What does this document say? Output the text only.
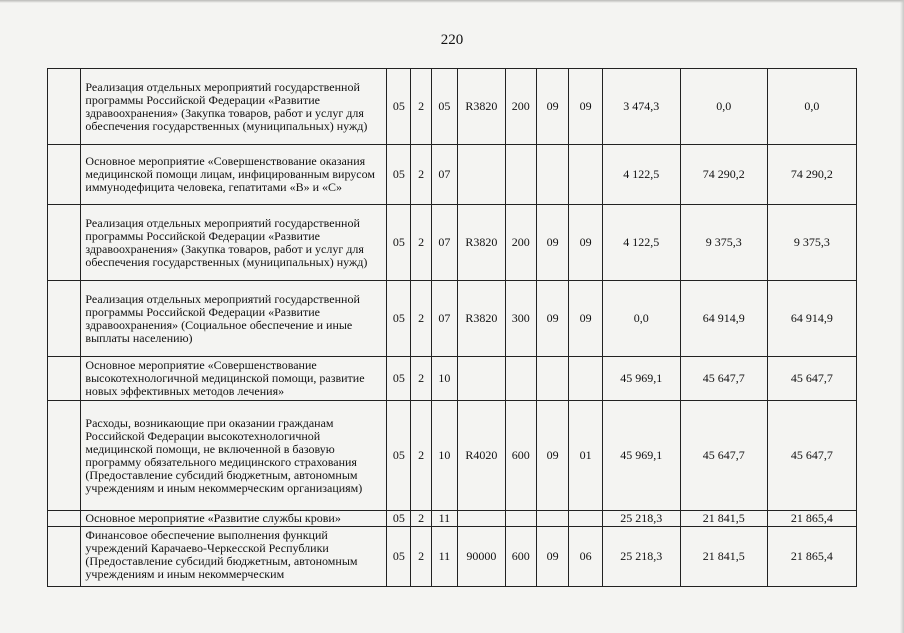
220
	Реализация отдельных мероприятий государственной программы Российской Федерации «Развитие здравоохранения» (Закупка товаров, работ и услуг для обеспечения государственных (муниципальных) нужд)	05	2	05	R3820	200	09	09	3 474,3	0,0	0,0
	Основное мероприятие «Совершенствование оказания медицинской помощи лицам, инфицированным вирусом иммунодефицита человека, гепатитами «В» и «С»	05	2	07					4 122,5	74 290,2	74 290,2
	Реализация отдельных мероприятий государственной программы Российской Федерации «Развитие здравоохранения» (Закупка товаров, работ и услуг для обеспечения государственных (муниципальных) нужд)	05	2	07	R3820	200	09	09	4 122,5	9 375,3	9 375,3
	Реализация отдельных мероприятий государственной программы Российской Федерации «Развитие здравоохранения» (Социальное обеспечение и иные выплаты населению)	05	2	07	R3820	300	09	09	0,0	64 914,9	64 914,9
	Основное мероприятие «Совершенствование высокотехнологичной медицинской помощи, развитие новых эффективных методов лечения»	05	2	10					45 969,1	45 647,7	45 647,7
	Расходы, возникающие при оказании гражданам Российской Федерации высокотехнологичной медицинской помощи, не включенной в базовую программу обязательного медицинского страхования (Предоставление субсидий бюджетным, автономным учреждениям и иным некоммерческим организациям)	05	2	10	R4020	600	09	01	45 969,1	45 647,7	45 647,7
	Основное мероприятие «Развитие службы крови»	05	2	11					25 218,3	21 841,5	21 865,4

	Финансовое обеспечение выполнения функций учреждений Карачаево-Черкесской Республики (Предоставление субсидий бюджетным, автономным учреждениям и иным некоммерческим	05	2	11	90000	600	09	06	25 218,3	21 841,5	21 865,4
